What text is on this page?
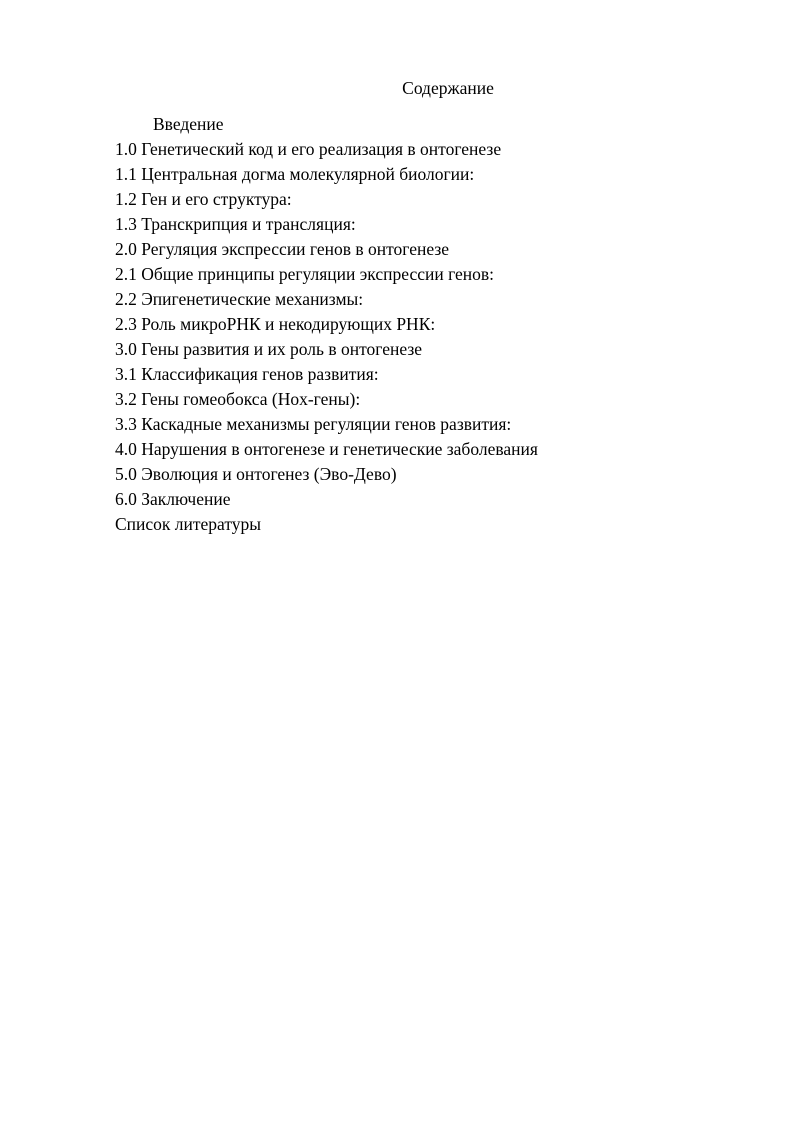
Содержание
Введение
1.0 Генетический код и его реализация в онтогенезе
1.1 Центральная догма молекулярной биологии:
1.2 Ген и его структура:
1.3 Транскрипция и трансляция:
2.0 Регуляция экспрессии генов в онтогенезе
2.1 Общие принципы регуляции экспрессии генов:
2.2 Эпигенетические механизмы:
2.3 Роль микроРНК и некодирующих РНК:
3.0 Гены развития и их роль в онтогенезе
3.1 Классификация генов развития:
3.2 Гены гомеобокса (Hox-гены):
3.3 Каскадные механизмы регуляции генов развития:
4.0 Нарушения в онтогенезе и генетические заболевания
5.0 Эволюция и онтогенез (Эво-Дево)
6.0 Заключение
Список литературы
